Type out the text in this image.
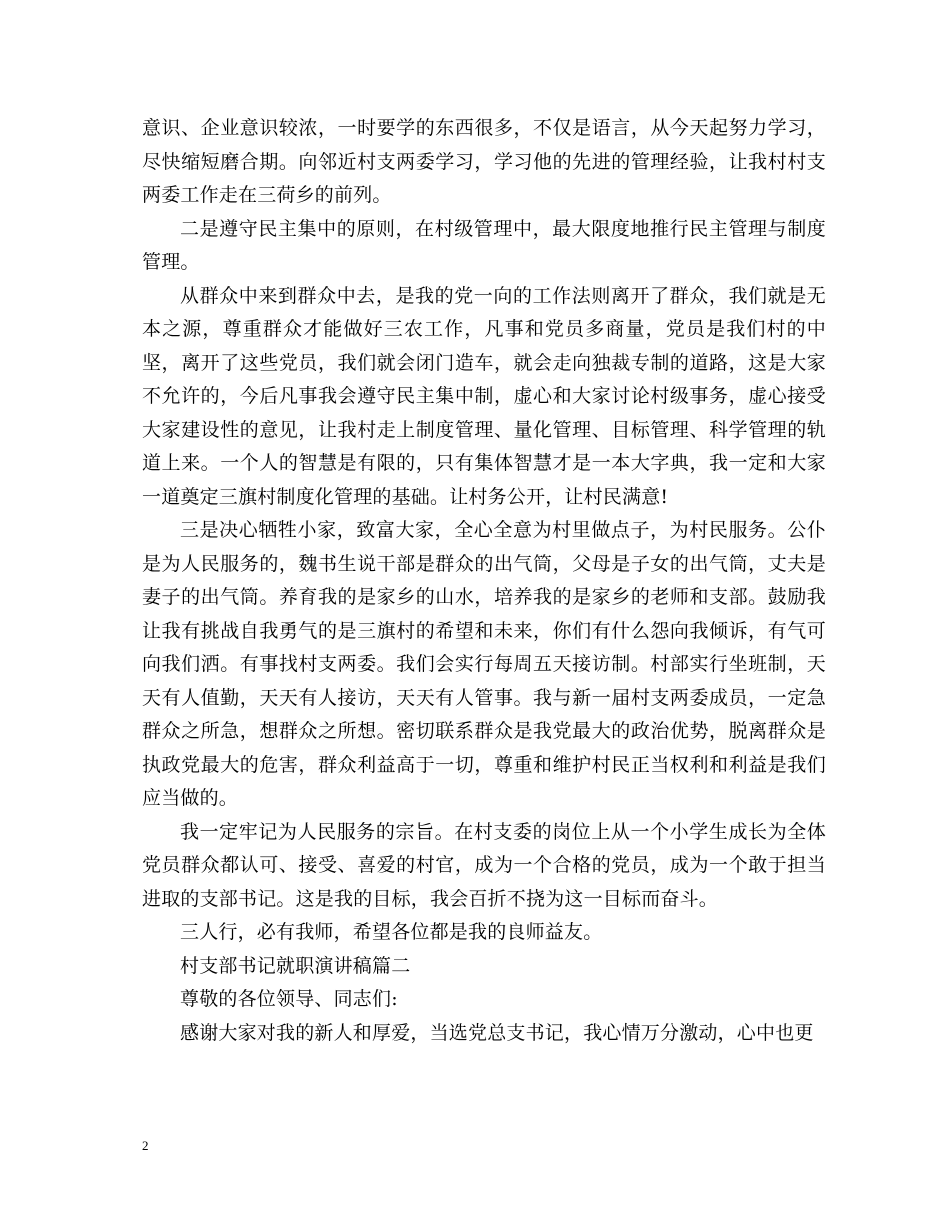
意识、企业意识较浓，一时要学的东西很多，不仅是语言，从今天起努力学习，尽快缩短磨合期。向邻近村支两委学习，学习他的先进的管理经验，让我村村支两委工作走在三荷乡的前列。

二是遵守民主集中的原则，在村级管理中，最大限度地推行民主管理与制度管理。

从群众中来到群众中去，是我的党一向的工作法则离开了群众，我们就是无本之源，尊重群众才能做好三农工作，凡事和党员多商量，党员是我们村的中坚，离开了这些党员，我们就会闭门造车，就会走向独裁专制的道路，这是大家不允许的，今后凡事我会遵守民主集中制，虚心和大家讨论村级事务，虚心接受大家建设性的意见，让我村走上制度管理、量化管理、目标管理、科学管理的轨道上来。一个人的智慧是有限的，只有集体智慧才是一本大字典，我一定和大家一道奠定三旗村制度化管理的基础。让村务公开，让村民满意!

三是决心牺牲小家，致富大家，全心全意为村里做点子，为村民服务。公仆是为人民服务的，魏书生说干部是群众的出气筒，父母是子女的出气筒，丈夫是妻子的出气筒。养育我的是家乡的山水，培养我的是家乡的老师和支部。鼓励我让我有挑战自我勇气的是三旗村的希望和未来，你们有什么怨向我倾诉，有气可向我们洒。有事找村支两委。我们会实行每周五天接访制。村部实行坐班制，天天有人值勤，天天有人接访，天天有人管事。我与新一届村支两委成员，一定急群众之所急，想群众之所想。密切联系群众是我党最大的政治优势，脱离群众是执政党最大的危害，群众利益高于一切，尊重和维护村民正当权利和利益是我们应当做的。

我一定牢记为人民服务的宗旨。在村支委的岗位上从一个小学生成长为全体党员群众都认可、接受、喜爱的村官，成为一个合格的党员，成为一个敢于担当进取的支部书记。这是我的目标，我会百折不挠为这一目标而奋斗。

三人行，必有我师，希望各位都是我的良师益友。

村支部书记就职演讲稿篇二

尊敬的各位领导、同志们:

感谢大家对我的新人和厚爱，当选党总支书记，我心情万分激动，心中也更

2
